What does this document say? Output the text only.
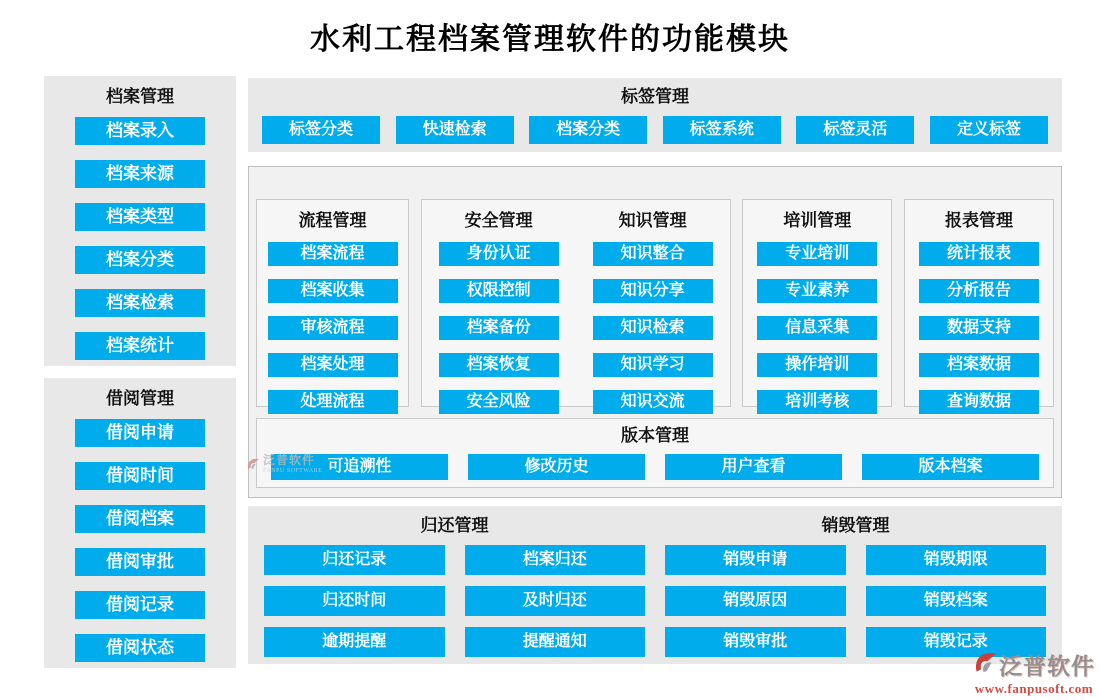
水利工程档案管理软件的功能模块
档案管理
档案录入
档案来源
档案类型
档案分类
档案检索
档案统计
借阅管理
借阅申请
借阅时间
借阅档案
借阅审批
借阅记录
借阅状态
标签管理
标签分类	快速检索	档案分类	标签系统	标签灵活	定义标签
流程管理
档案流程
档案收集
审核流程
档案处理
处理流程
安全管理
身份认证
权限控制
档案备份
档案恢复
安全风险
知识管理
知识整合
知识分享
知识检索
知识学习
知识交流
培训管理
专业培训
专业素养
信息采集
操作培训
培训考核
报表管理
统计报表
分析报告
数据支持
档案数据
查询数据
版本管理
可追溯性	修改历史	用户查看	版本档案
归还管理
归还记录	档案归还
归还时间	及时归还
逾期提醒	提醒通知
销毁管理
销毁申请	销毁期限
销毁原因	销毁档案
销毁审批	销毁记录
泛普软件
FANPU SOFTWARE
泛普软件
www.fanpusoft.com
